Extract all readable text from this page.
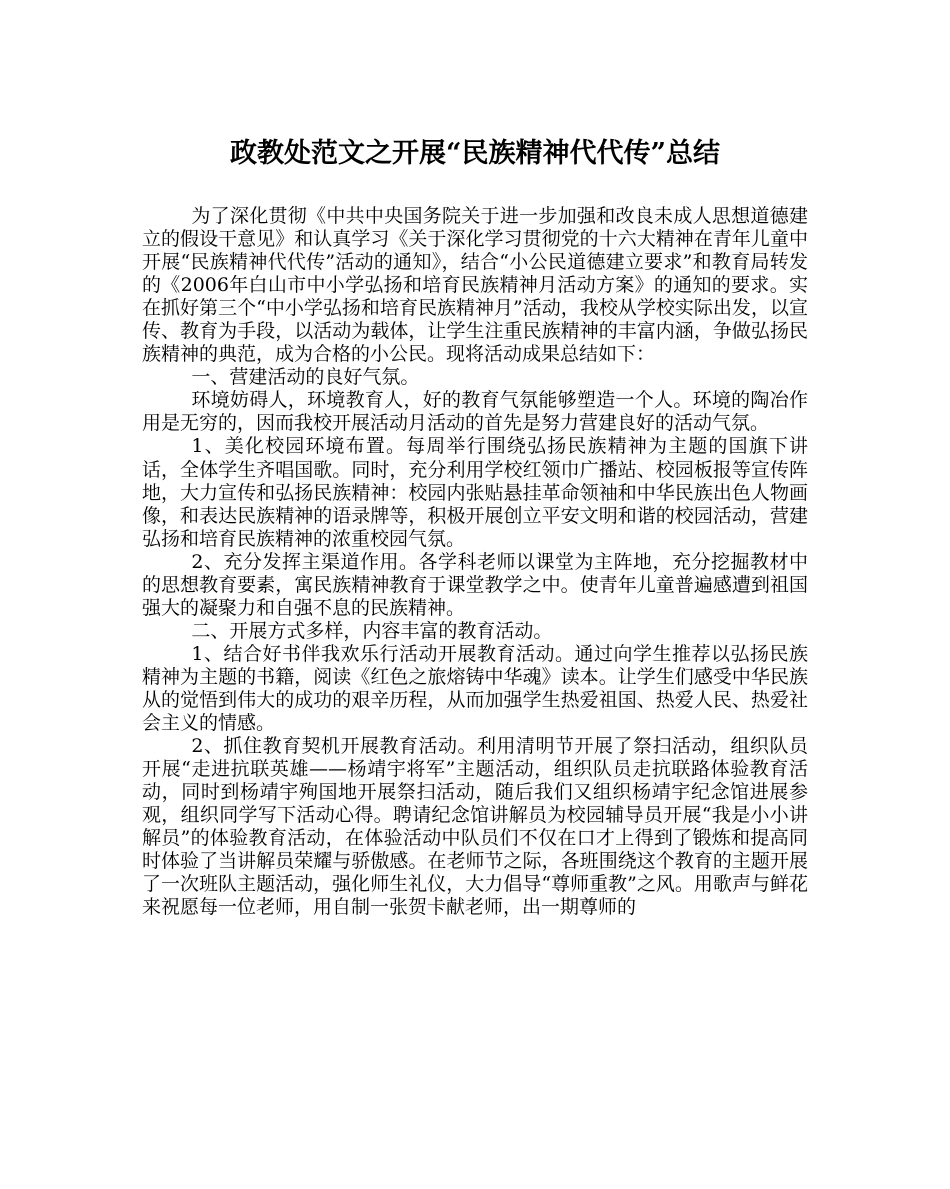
政教处范文之开展“民族精神代代传”总结

为了深化贯彻《中共中央国务院关于进一步加强和改良未成人思想道德建立的假设干意见》和认真学习《关于深化学习贯彻党的十六大精神在青年儿童中开展“民族精神代代传”活动的通知》，结合“小公民道德建立要求”和教育局转发的《2006年白山市中小学弘扬和培育民族精神月活动方案》的通知的要求。实在抓好第三个“中小学弘扬和培育民族精神月”活动，我校从学校实际出发，以宣传、教育为手段，以活动为载体，让学生注重民族精神的丰富内涵，争做弘扬民族精神的典范，成为合格的小公民。现将活动成果总结如下：

一、营建活动的良好气氛。

环境妨碍人，环境教育人，好的教育气氛能够塑造一个人。环境的陶冶作用是无穷的，因而我校开展活动月活动的首先是努力营建良好的活动气氛。

1、美化校园环境布置。每周举行围绕弘扬民族精神为主题的国旗下讲话，全体学生齐唱国歌。同时，充分利用学校红领巾广播站、校园板报等宣传阵地，大力宣传和弘扬民族精神：校园内张贴悬挂革命领袖和中华民族出色人物画像，和表达民族精神的语录牌等，积极开展创立平安文明和谐的校园活动，营建弘扬和培育民族精神的浓重校园气氛。

2、充分发挥主渠道作用。各学科老师以课堂为主阵地，充分挖掘教材中的思想教育要素，寓民族精神教育于课堂教学之中。使青年儿童普遍感遭到祖国强大的凝聚力和自强不息的民族精神。

二、开展方式多样，内容丰富的教育活动。

1、结合好书伴我欢乐行活动开展教育活动。通过向学生推荐以弘扬民族精神为主题的书籍，阅读《红色之旅熔铸中华魂》读本。让学生们感受中华民族从的觉悟到伟大的成功的艰辛历程，从而加强学生热爱祖国、热爱人民、热爱社会主义的情感。

2、抓住教育契机开展教育活动。利用清明节开展了祭扫活动，组织队员开展“走进抗联英雄——杨靖宇将军”主题活动，组织队员走抗联路体验教育活动，同时到杨靖宇殉国地开展祭扫活动，随后我们又组织杨靖宇纪念馆进展参观，组织同学写下活动心得。聘请纪念馆讲解员为校园辅导员开展“我是小小讲解员”的体验教育活动，在体验活动中队员们不仅在口才上得到了锻炼和提高同时体验了当讲解员荣耀与骄傲感。在老师节之际，各班围绕这个教育的主题开展了一次班队主题活动，强化师生礼仪，大力倡导“尊师重教”之风。用歌声与鲜花来祝愿每一位老师，用自制一张贺卡献老师，出一期尊师的
